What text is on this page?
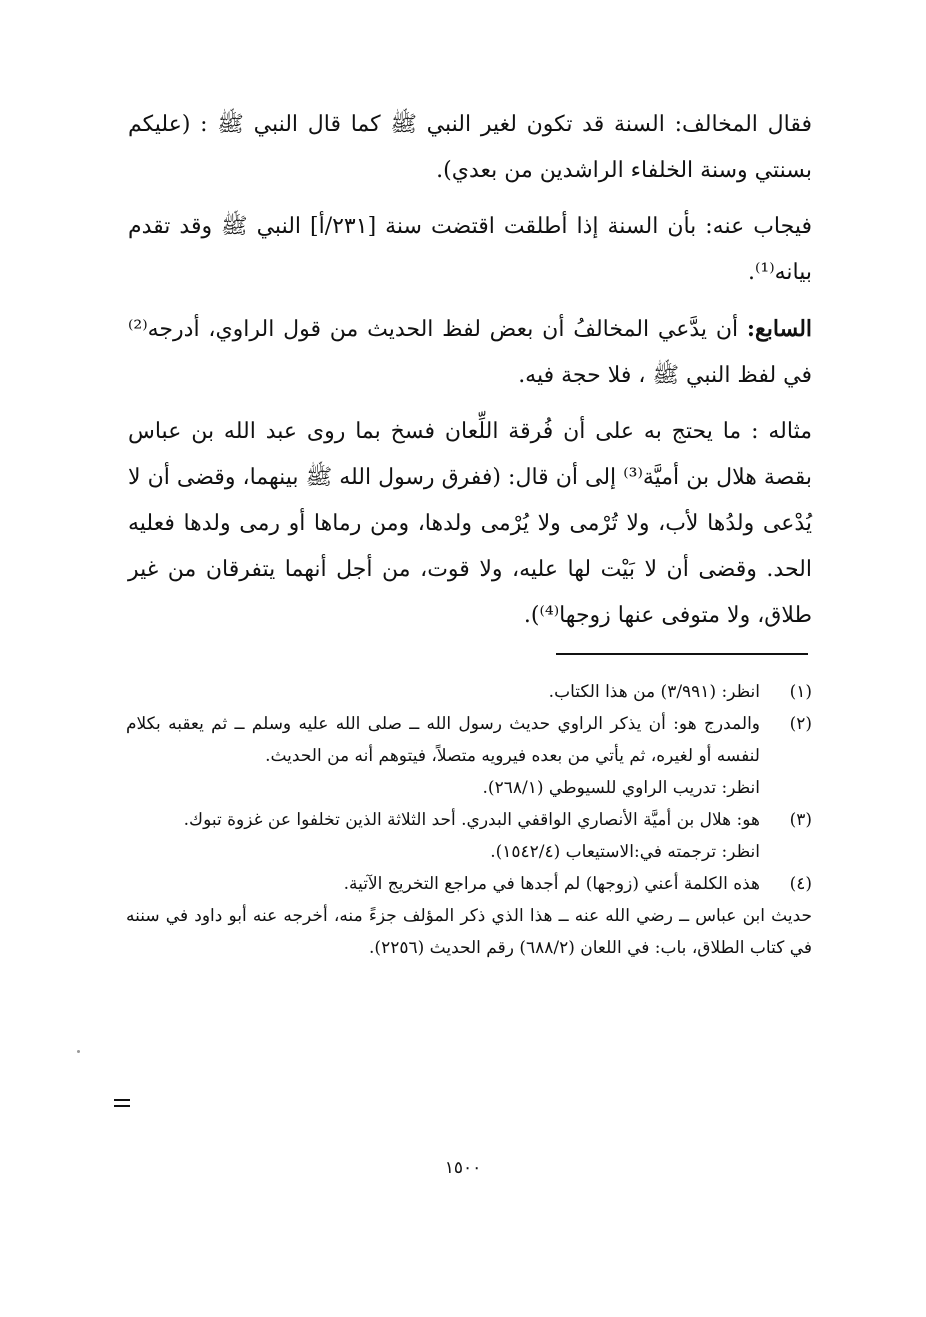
فقال المخالف: السنة قد تكون لغير النبي ﷺ كما قال النبي ﷺ : (عليكم بسنتي وسنة الخلفاء الراشدين من بعدي).

فيجاب عنه: بأن السنة إذا أطلقت اقتضت سنة [٢٣١/أ] النبي ﷺ وقد تقدم بيانه⁽¹⁾.

السابع: أن يدَّعي المخالفُ أن بعض لفظ الحديث من قول الراوي، أدرجه⁽²⁾ في لفظ النبي ﷺ ، فلا حجة فيه.

مثاله : ما يحتج به على أن فُرقة اللِّعان فسخ بما روى عبد الله بن عباس بقصة هلال بن أميَّة⁽³⁾ إلى أن قال: (ففرق رسول الله ﷺ بينهما، وقضى أن لا يُدْعى ولدُها لأب، ولا تُرْمى ولا يُرْمى ولدها، ومن رماها أو رمى ولدها فعليه الحد. وقضى أن لا بَيْت لها عليه، ولا قوت، من أجل أنهما يتفرقان من غير طلاق، ولا متوفى عنها زوجها⁽⁴⁾).

(١)

انظر: (٣/٩٩١) من هذا الكتاب.

(٢)

والمدرج هو: أن يذكر الراوي حديث رسول الله ــ صلى الله عليه وسلم ــ ثم يعقبه بكلام لنفسه أو لغيره، ثم يأتي من بعده فيرويه متصلاً، فيتوهم أنه من الحديث.

انظر: تدريب الراوي للسيوطي (٢٦٨/١).

(٣)

هو: هلال بن أميَّة الأنصاري الواقفي البدري. أحد الثلاثة الذين تخلفوا عن غزوة تبوك.

انظر: ترجمته في:الاستيعاب (١٥٤٢/٤).

(٤)

هذه الكلمة أعني (زوجها) لم أجدها في مراجع التخريج الآتية.

حديث ابن عباس ــ رضي الله عنه ــ هذا الذي ذكر المؤلف جزءً منه، أخرجه عنه أبو داود في سننه في كتاب الطلاق، باب: في اللعان (٦٨٨/٢) رقم الحديث (٢٢٥٦).

١٥٠٠
